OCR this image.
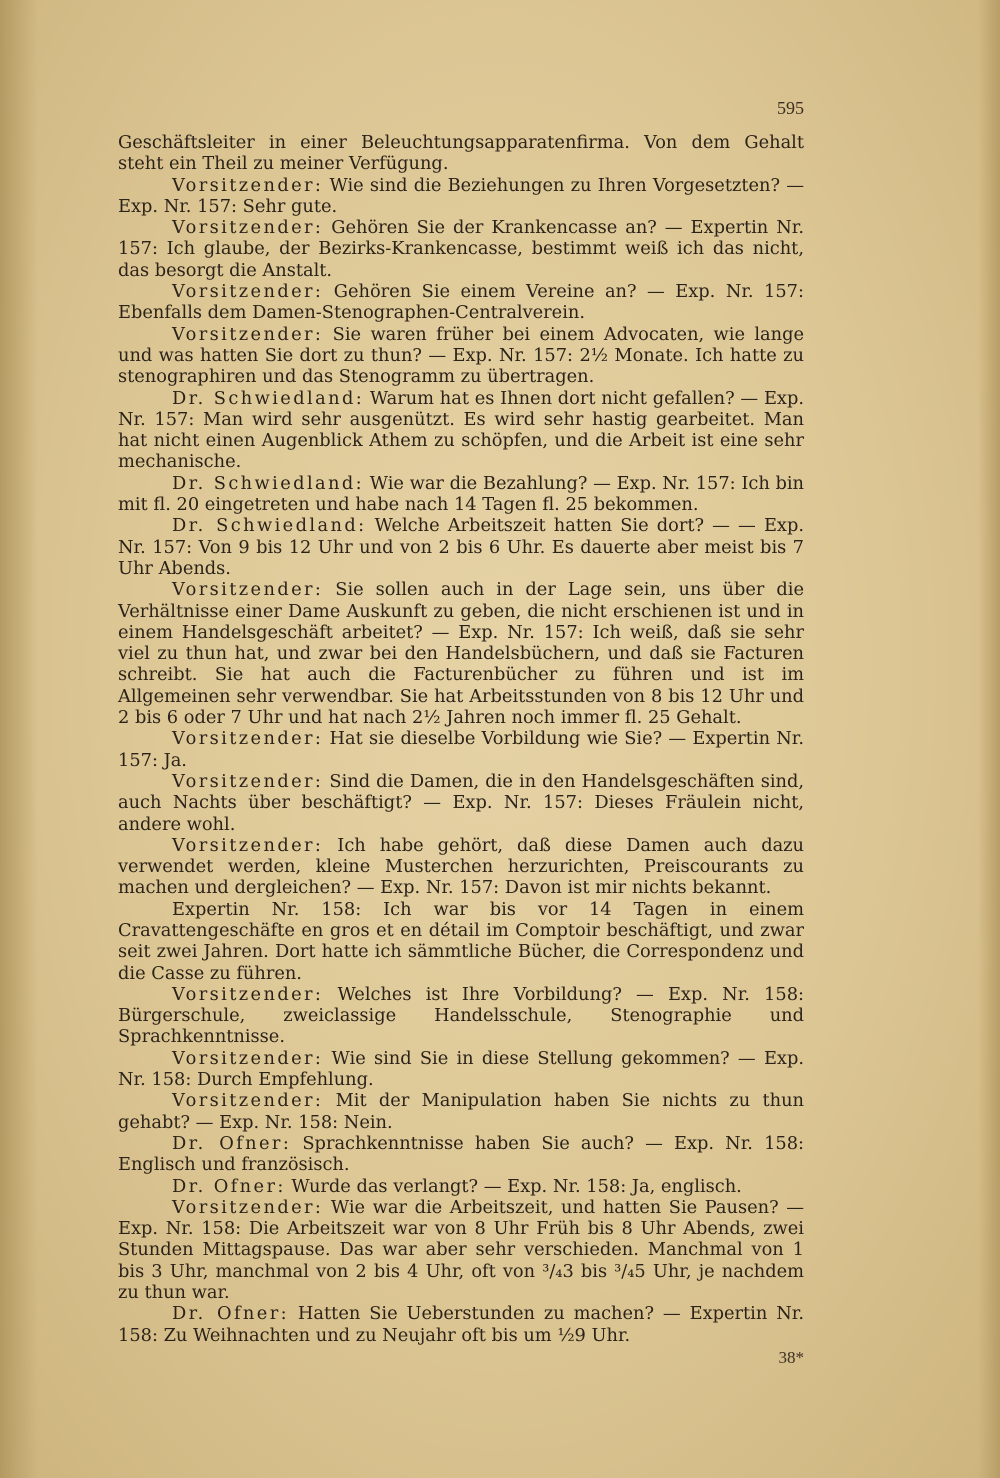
595

Geschäftsleiter in einer Beleuchtungsapparatenfirma. Von dem Gehalt steht ein Theil zu meiner Verfügung.

Vorsitzender: Wie sind die Beziehungen zu Ihren Vorgesetzten? — Exp. Nr. 157: Sehr gute.

Vorsitzender: Gehören Sie der Krankencasse an? — Expertin Nr. 157: Ich glaube, der Bezirks-Krankencasse, bestimmt weiß ich das nicht, das besorgt die Anstalt.

Vorsitzender: Gehören Sie einem Vereine an? — Exp. Nr. 157: Ebenfalls dem Damen-Stenographen-Centralverein.

Vorsitzender: Sie waren früher bei einem Advocaten, wie lange und was hatten Sie dort zu thun? — Exp. Nr. 157: 2½ Monate. Ich hatte zu stenographiren und das Stenogramm zu übertragen.

Dr. Schwiedland: Warum hat es Ihnen dort nicht gefallen? — Exp. Nr. 157: Man wird sehr ausgenützt. Es wird sehr hastig gearbeitet. Man hat nicht einen Augenblick Athem zu schöpfen, und die Arbeit ist eine sehr mechanische.

Dr. Schwiedland: Wie war die Bezahlung? — Exp. Nr. 157: Ich bin mit fl. 20 eingetreten und habe nach 14 Tagen fl. 25 bekommen.

Dr. Schwiedland: Welche Arbeitszeit hatten Sie dort? — — Exp. Nr. 157: Von 9 bis 12 Uhr und von 2 bis 6 Uhr. Es dauerte aber meist bis 7 Uhr Abends.

Vorsitzender: Sie sollen auch in der Lage sein, uns über die Verhältnisse einer Dame Auskunft zu geben, die nicht erschienen ist und in einem Handelsgeschäft arbeitet? — Exp. Nr. 157: Ich weiß, daß sie sehr viel zu thun hat, und zwar bei den Handelsbüchern, und daß sie Facturen schreibt. Sie hat auch die Facturenbücher zu führen und ist im Allgemeinen sehr verwendbar. Sie hat Arbeitsstunden von 8 bis 12 Uhr und 2 bis 6 oder 7 Uhr und hat nach 2½ Jahren noch immer fl. 25 Gehalt.

Vorsitzender: Hat sie dieselbe Vorbildung wie Sie? — Expertin Nr. 157: Ja.

Vorsitzender: Sind die Damen, die in den Handelsgeschäften sind, auch Nachts über beschäftigt? — Exp. Nr. 157: Dieses Fräulein nicht, andere wohl.

Vorsitzender: Ich habe gehört, daß diese Damen auch dazu verwendet werden, kleine Musterchen herzurichten, Preiscourants zu machen und dergleichen? — Exp. Nr. 157: Davon ist mir nichts bekannt.

Expertin Nr. 158: Ich war bis vor 14 Tagen in einem Cravattengeschäfte en gros et en détail im Comptoir beschäftigt, und zwar seit zwei Jahren. Dort hatte ich sämmtliche Bücher, die Correspondenz und die Casse zu führen.

Vorsitzender: Welches ist Ihre Vorbildung? — Exp. Nr. 158: Bürgerschule, zweiclassige Handelsschule, Stenographie und Sprachkenntnisse.

Vorsitzender: Wie sind Sie in diese Stellung gekommen? — Exp. Nr. 158: Durch Empfehlung.

Vorsitzender: Mit der Manipulation haben Sie nichts zu thun gehabt? — Exp. Nr. 158: Nein.

Dr. Ofner: Sprachkenntnisse haben Sie auch? — Exp. Nr. 158: Englisch und französisch.

Dr. Ofner: Wurde das verlangt? — Exp. Nr. 158: Ja, englisch.

Vorsitzender: Wie war die Arbeitszeit, und hatten Sie Pausen? — Exp. Nr. 158: Die Arbeitszeit war von 8 Uhr Früh bis 8 Uhr Abends, zwei Stunden Mittagspause. Das war aber sehr verschieden. Manchmal von 1 bis 3 Uhr, manchmal von 2 bis 4 Uhr, oft von ³/₄3 bis ³/₄5 Uhr, je nachdem zu thun war.

Dr. Ofner: Hatten Sie Ueberstunden zu machen? — Expertin Nr. 158: Zu Weihnachten und zu Neujahr oft bis um ½9 Uhr.

38*
